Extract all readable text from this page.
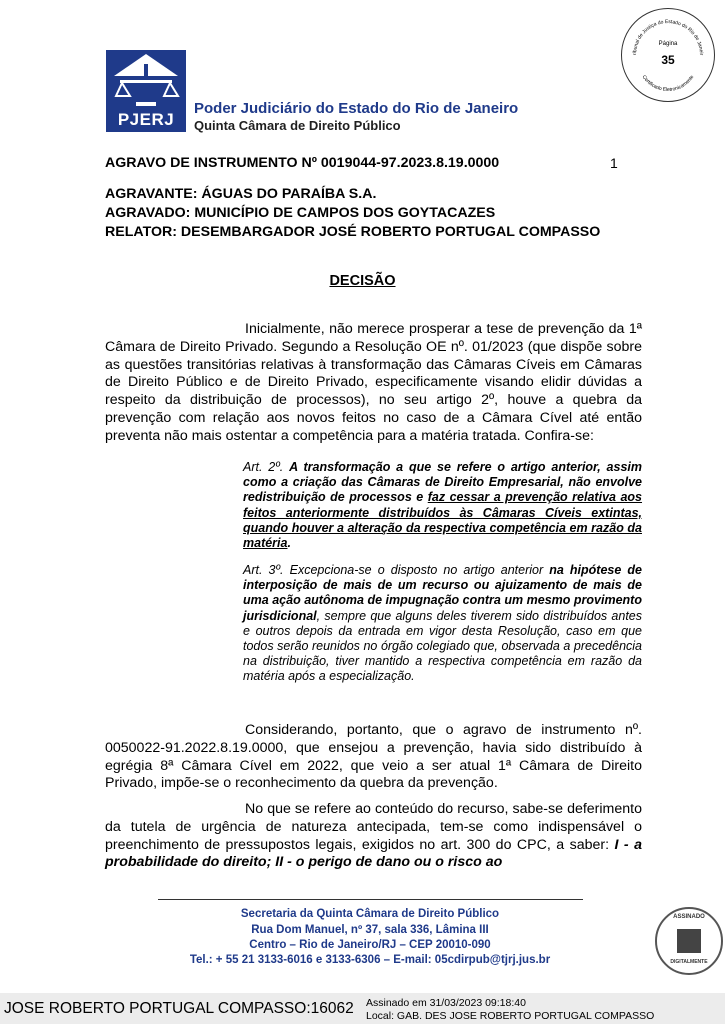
PJERJ
Poder Judiciário do Estado do Rio de Janeiro
Quinta Câmara de Direito Público
ribunal de Justiça do Estado do Rio de Janeir
Certificado Eletronicamente
Página
35
AGRAVO DE INSTRUMENTO Nº 0019044-97.2023.8.19.0000	1
AGRAVANTE: ÁGUAS DO PARAÍBA S.A.
AGRAVADO: MUNICÍPIO DE CAMPOS DOS GOYTACAZES
RELATOR: DESEMBARGADOR JOSÉ ROBERTO PORTUGAL COMPASSO
DECISÃO
Inicialmente, não merece prosperar a tese de prevenção da 1ª Câmara de Direito Privado. Segundo a Resolução OE nº. 01/2023 (que dispõe sobre as questões transitórias relativas à transformação das Câmaras Cíveis em Câmaras de Direito Público e de Direito Privado, especificamente visando elidir dúvidas a respeito da distribuição de processos), no seu artigo 2º, houve a quebra da prevenção com relação aos novos feitos no caso de a Câmara Cível até então preventa não mais ostentar a competência para a matéria tratada. Confira-se:
Art. 2º. A transformação a que se refere o artigo anterior, assim como a criação das Câmaras de Direito Empresarial, não envolve redistribuição de processos e faz cessar a prevenção relativa aos feitos anteriormente distribuídos às Câmaras Cíveis extintas, quando houver a alteração da respectiva competência em razão da matéria.
Art. 3º. Excepciona-se o disposto no artigo anterior na hipótese de interposição de mais de um recurso ou ajuizamento de mais de uma ação autônoma de impugnação contra um mesmo provimento jurisdicional, sempre que alguns deles tiverem sido distribuídos antes e outros depois da entrada em vigor desta Resolução, caso em que todos serão reunidos no órgão colegiado que, observada a precedência na distribuição, tiver mantido a respectiva competência em razão da matéria após a especialização.
Considerando, portanto, que o agravo de instrumento nº. 0050022-91.2022.8.19.0000, que ensejou a prevenção, havia sido distribuído à egrégia 8ª Câmara Cível em 2022, que veio a ser atual 1ª Câmara de Direito Privado, impõe-se o reconhecimento da quebra da prevenção.
No que se refere ao conteúdo do recurso, sabe-se deferimento da tutela de urgência de natureza antecipada, tem-se como indispensável o preenchimento de pressupostos legais, exigidos no art. 300 do CPC, a saber: I - a probabilidade do direito; II - o perigo de dano ou o risco ao
Secretaria da Quinta Câmara de Direito Público
Rua Dom Manuel, nº 37, sala 336, Lâmina III
Centro – Rio de Janeiro/RJ – CEP 20010-090
Tel.: + 55 21 3133-6016 e 3133-6306 – E-mail: 05cdirpub@tjrj.jus.br
ASSINADO
DIGITALMENTE
JOSE ROBERTO PORTUGAL COMPASSO:16062 Assinado em 31/03/2023 09:18:40
Local: GAB. DES JOSE ROBERTO PORTUGAL COMPASSO
